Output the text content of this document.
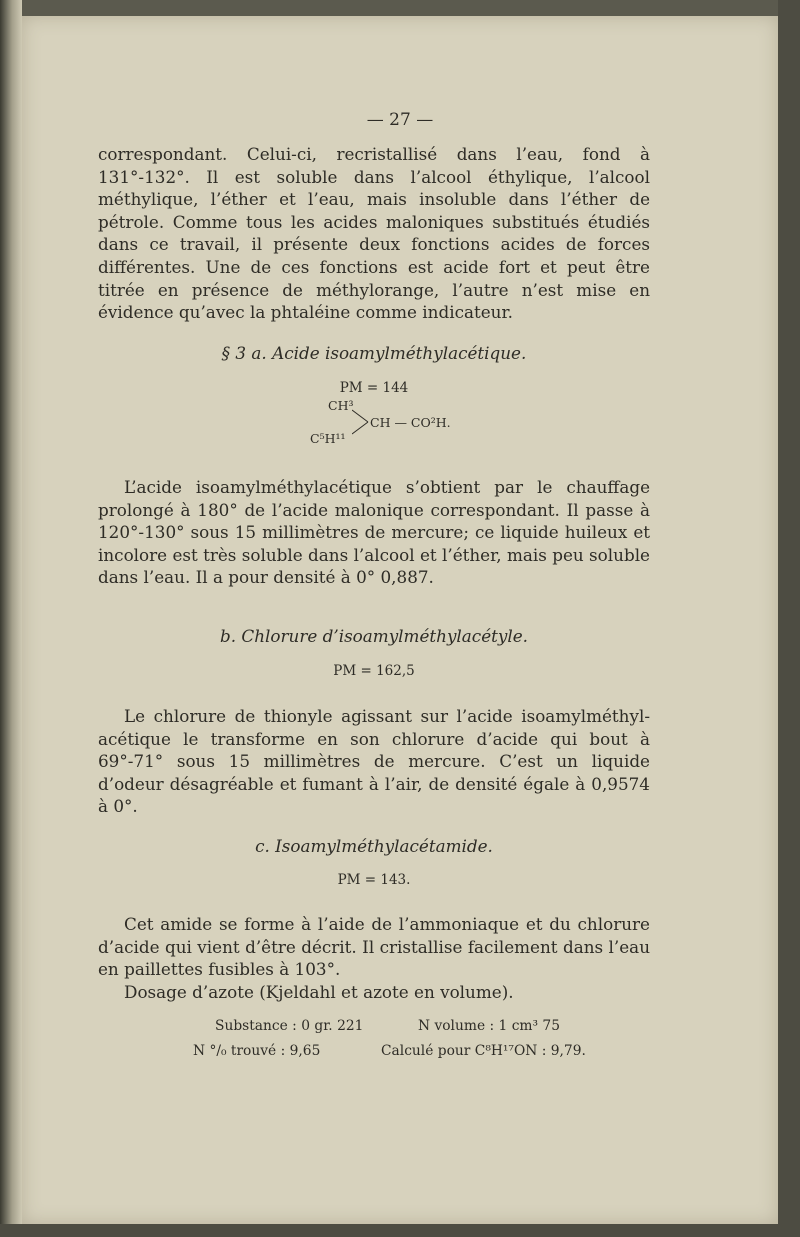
— 27 —

correspondant. Celui-ci, recristallisé dans l’eau, fond à 131°-132°. Il est soluble dans l’alcool éthylique, l’alcool méthylique, l’éther et l’eau, mais insoluble dans l’éther de pétrole. Comme tous les acides maloniques substitués étudiés dans ce travail, il présente deux fonctions acides de forces différentes. Une de ces fonctions est acide fort et peut être titrée en présence de méthylorange, l’autre n’est mise en évidence qu’avec la phtaléine comme indicateur.

§ 3 a. Acide isoamylméthylacétique.
PM = 144
CH³
C⁵H¹¹
CH — CO²H.

L’acide isoamylméthylacétique s’obtient par le chauffage prolongé à 180° de l’acide malonique correspondant. Il passe à 120°-130° sous 15 millimètres de mercure; ce liquide huileux et incolore est très soluble dans l’alcool et l’éther, mais peu soluble dans l’eau. Il a pour densité à 0° 0,887.

b. Chlorure d’isoamylméthylacétyle.
PM = 162,5

Le chlorure de thionyle agissant sur l’acide isoamylméthyl-acétique le transforme en son chlorure d’acide qui bout à 69°-71° sous 15 millimètres de mercure. C’est un liquide d’odeur désagréable et fumant à l’air, de densité égale à 0,9574 à 0°.

c. Isoamylméthylacétamide.
PM = 143.

Cet amide se forme à l’aide de l’ammoniaque et du chlorure d’acide qui vient d’être décrit. Il cristallise facilement dans l’eau en paillettes fusibles à 103°.

Dosage d’azote (Kjeldahl et azote en volume).

Substance : 0 gr. 221	N volume : 1 cm³ 75
N °/₀ trouvé : 9,65	Calculé pour C⁸H¹⁷ON : 9,79.
